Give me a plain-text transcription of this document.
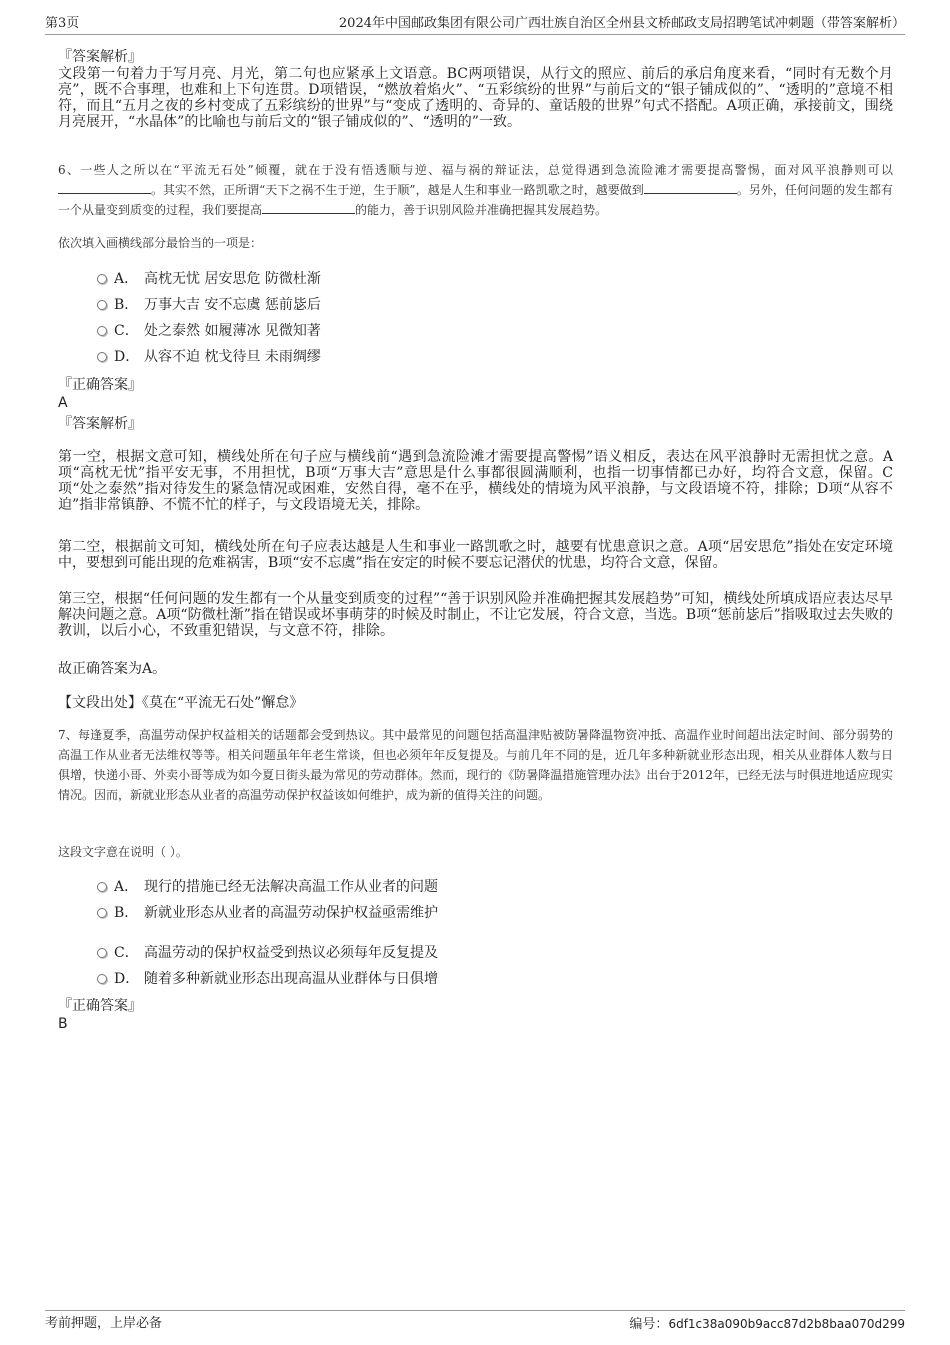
第3页	2024年中国邮政集团有限公司广西壮族自治区全州县文桥邮政支局招聘笔试冲刺题（带答案解析）
『答案解析』
文段第一句着力于写月亮、月光，第二句也应紧承上文语意。BC两项错误，从行文的照应、前后的承启角度来看，“同时有无数个月亮”，既不合事理，也难和上下句连贯。D项错误，“燃放着焰火”、“五彩缤纷的世界”与前后文的“银子铺成似的”、“透明的”意境不相符，而且“五月之夜的乡村变成了五彩缤纷的世界”与“变成了透明的、奇异的、童话般的世界”句式不搭配。A项正确，承接前文，围绕月亮展开，“水晶体”的比喻也与前后文的“银子铺成似的”、“透明的”一致。
6、一些人之所以在“平流无石处”倾覆，就在于没有悟透顺与逆、福与祸的辩证法，总觉得遇到急流险滩才需要提高警惕，面对风平浪静则可以。其实不然，正所谓“天下之祸不生于逆，生于顺”，越是人生和事业一路凯歌之时，越要做到	。另外，任何问题的发生都有一个从量变到质变的过程，我们要提高	的能力，善于识别风险并准确把握其发展趋势。
依次填入画横线部分最恰当的一项是：
A． 高枕无忧 居安思危 防微杜渐
B． 万事大吉 安不忘虞 惩前毖后
C． 处之泰然 如履薄冰 见微知著
D． 从容不迫 枕戈待旦 未雨绸缪
『正确答案』
A
『答案解析』
第一空，根据文意可知，横线处所在句子应与横线前“遇到急流险滩才需要提高警惕”语义相反，表达在风平浪静时无需担忧之意。A项“高枕无忧”指平安无事，不用担忧，B项“万事大吉”意思是什么事都很圆满顺利，也指一切事情都已办好，均符合文意，保留。C项“处之泰然”指对待发生的紧急情况或困难，安然自得，毫不在乎，横线处的情境为风平浪静，与文段语境不符，排除；D项“从容不迫”指非常镇静、不慌不忙的样子，与文段语境无关，排除。
第二空，根据前文可知，横线处所在句子应表达越是人生和事业一路凯歌之时，越要有忧患意识之意。A项“居安思危”指处在安定环境中，要想到可能出现的危难祸害，B项“安不忘虞”指在安定的时候不要忘记潜伏的忧患，均符合文意，保留。
第三空，根据“任何问题的发生都有一个从量变到质变的过程”“善于识别风险并准确把握其发展趋势”可知，横线处所填成语应表达尽早解决问题之意。A项“防微杜渐”指在错误或坏事萌芽的时候及时制止，不让它发展，符合文意，当选。B项“惩前毖后”指吸取过去失败的教训，以后小心，不致重犯错误，与文意不符，排除。
故正确答案为A。
【文段出处】《莫在“平流无石处”懈怠》
7、每逢夏季，高温劳动保护权益相关的话题都会受到热议。其中最常见的问题包括高温津贴被防暑降温物资冲抵、高温作业时间超出法定时间、部分弱势的高温工作从业者无法维权等等。相关问题虽年年老生常谈，但也必须年年反复提及。与前几年不同的是，近几年多种新就业形态出现，相关从业群体人数与日俱增，快递小哥、外卖小哥等成为如今夏日街头最为常见的劳动群体。然而，现行的《防暑降温措施管理办法》出台于2012年，已经无法与时俱进地适应现实情况。因而，新就业形态从业者的高温劳动保护权益该如何维护，成为新的值得关注的问题。
这段文字意在说明（ ）。
A． 现行的措施已经无法解决高温工作从业者的问题
B． 新就业形态从业者的高温劳动保护权益亟需维护
C． 高温劳动的保护权益受到热议必须每年反复提及
D． 随着多种新就业形态出现高温从业群体与日俱增
『正确答案』
B
考前押题，上岸必备	编号：6df1c38a090b9acc87d2b8baa070d299
